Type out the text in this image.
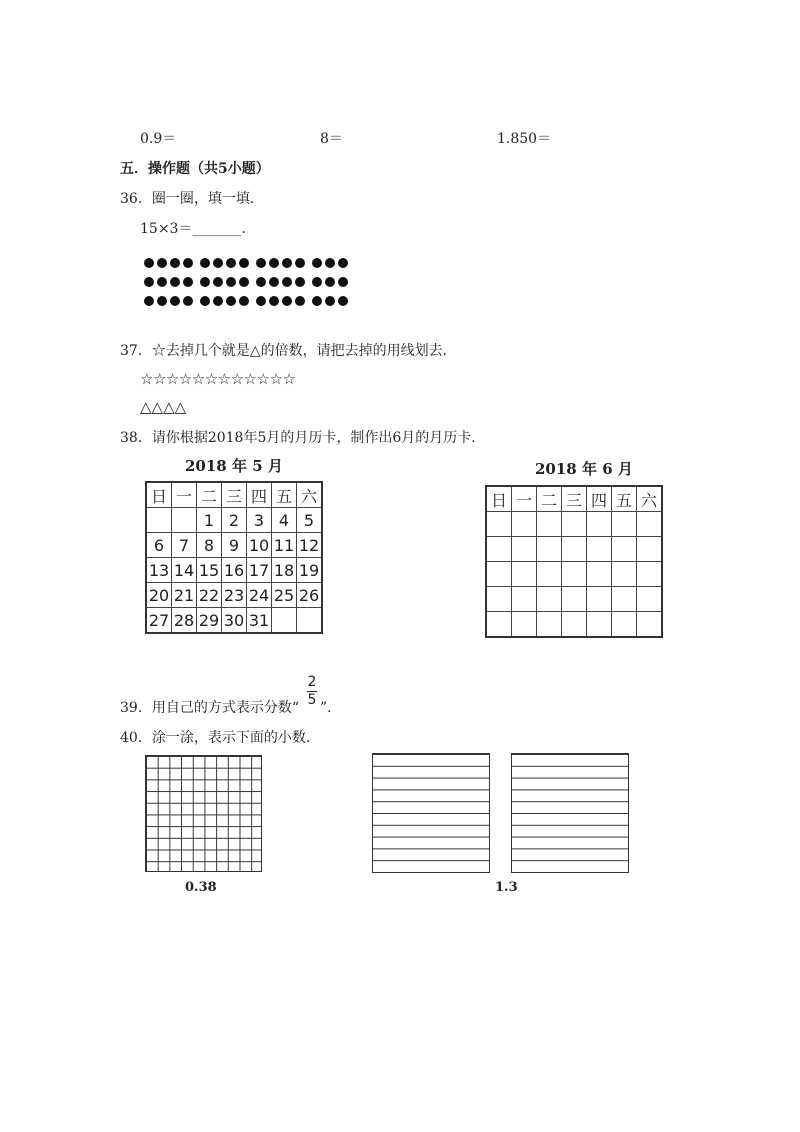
0.9＝	8＝	1.850＝
五．操作题（共5小题）
36．圈一圈，填一填．
15×3＝_______．
37．☆去掉几个就是△的倍数，请把去掉的用线划去．
☆☆☆☆☆☆☆☆☆☆☆☆
△△△△
38．请你根据2018年5月的月历卡，制作出6月的月历卡．
2018 年 5 月
日	一	二	三	四	五	六
		1	2	3	4	5
6	7	8	9	10	11	12
13	14	15	16	17	18	19
20	21	22	23	24	25	26
27	28	29	30	31		
2018 年 6 月
日	一	二	三	四	五	六

39．用自己的方式表示分数“
2
5 ”．
40．涂一涂，表示下面的小数．
0.38	1.3
